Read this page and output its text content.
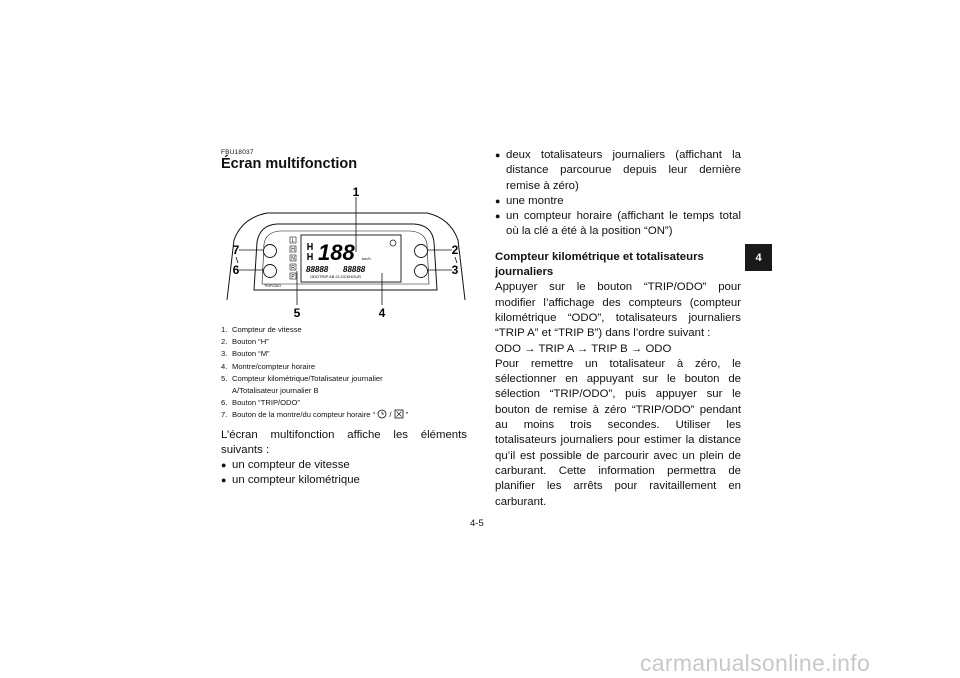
FBU18037
Écran multifonction
L
H
N
R
P
188 km/h
88888 88888
ODOTRIP AB CLOCKHOUR
TRIP/ODO
1
2
3
4
5
6
7
1. Compteur de vitesse
2. Bouton “H”
3. Bouton “M”
4. Montre/compteur horaire
5. Compteur kilométrique/Totalisateur journalier
A/Totalisateur journalier B
6. Bouton “TRIP/ODO”
7. Bouton de la montre/du compteur horaire “ / ”
L’écran multifonction affiche les éléments suivants :
● un compteur de vitesse
● un compteur kilométrique
● deux totalisateurs journaliers (affichant la distance parcourue depuis leur dernière remise à zéro)
● une montre
● un compteur horaire (affichant le temps total où la clé a été à la position “ON”)
Compteur kilométrique et totalisateurs journaliers
Appuyer sur le bouton “TRIP/ODO” pour modifier l’affichage des compteurs (compteur kilométrique “ODO”, totalisateurs journaliers “TRIP A” et “TRIP B”) dans l’ordre suivant :
ODO → TRIP A → TRIP B → ODO
Pour remettre un totalisateur à zéro, le sélectionner en appuyant sur le bouton de sélection “TRIP/ODO”, puis appuyer sur le bouton de remise à zéro “TRIP/ODO” pendant au moins trois secondes. Utiliser les totalisateurs journaliers pour estimer la distance qu’il est possible de parcourir avec un plein de carburant. Cette information permettra de planifier les arrêts pour ravitaillement en carburant.
4
4-5
carmanualsonline.info
